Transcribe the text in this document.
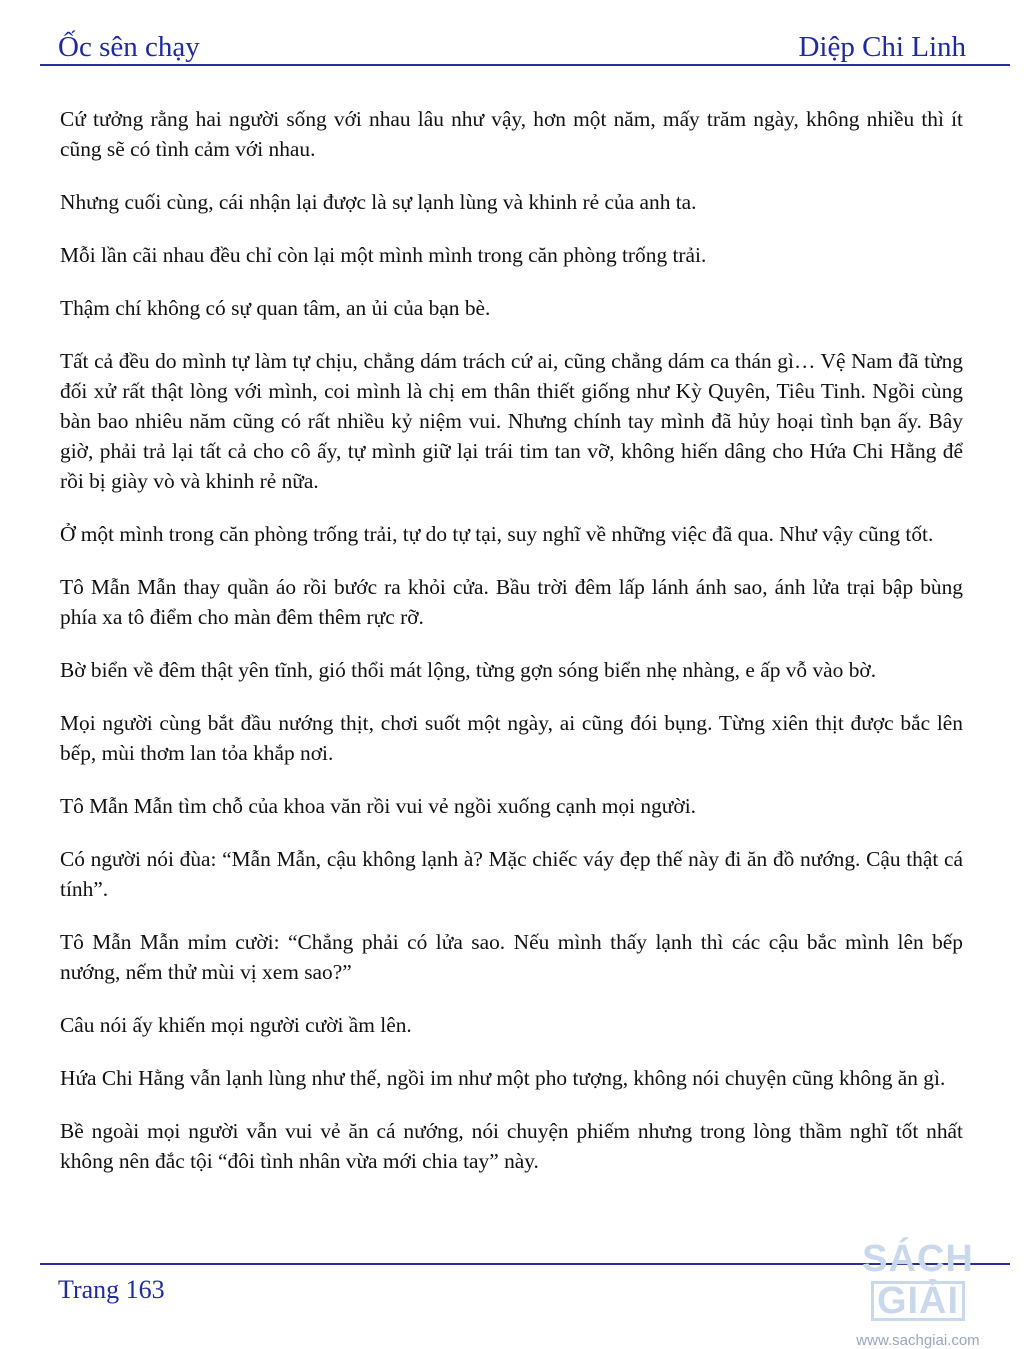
Ốc sên chạy	Diệp Chi Linh

Cứ tưởng rằng hai người sống với nhau lâu như vậy, hơn một năm, mấy trăm ngày, không nhiều thì ít cũng sẽ có tình cảm với nhau.

Nhưng cuối cùng, cái nhận lại được là sự lạnh lùng và khinh rẻ của anh ta.

Mỗi lần cãi nhau đều chỉ còn lại một mình mình trong căn phòng trống trải.

Thậm chí không có sự quan tâm, an ủi của bạn bè.

Tất cả đều do mình tự làm tự chịu, chẳng dám trách cứ ai, cũng chẳng dám ca thán gì… Vệ Nam đã từng đối xử rất thật lòng với mình, coi mình là chị em thân thiết giống như Kỳ Quyên, Tiêu Tinh. Ngồi cùng bàn bao nhiêu năm cũng có rất nhiều kỷ niệm vui. Nhưng chính tay mình đã hủy hoại tình bạn ấy. Bây giờ, phải trả lại tất cả cho cô ấy, tự mình giữ lại trái tim tan vỡ, không hiến dâng cho Hứa Chi Hằng để rồi bị giày vò và khinh rẻ nữa.

Ở một mình trong căn phòng trống trải, tự do tự tại, suy nghĩ về những việc đã qua. Như vậy cũng tốt.

Tô Mẫn Mẫn thay quần áo rồi bước ra khỏi cửa. Bầu trời đêm lấp lánh ánh sao, ánh lửa trại bập bùng phía xa tô điểm cho màn đêm thêm rực rỡ.

Bờ biển về đêm thật yên tĩnh, gió thổi mát lộng, từng gợn sóng biển nhẹ nhàng, e ấp vỗ vào bờ.

Mọi người cùng bắt đầu nướng thịt, chơi suốt một ngày, ai cũng đói bụng. Từng xiên thịt được bắc lên bếp, mùi thơm lan tỏa khắp nơi.

Tô Mẫn Mẫn tìm chỗ của khoa văn rồi vui vẻ ngồi xuống cạnh mọi người.

Có người nói đùa: “Mẫn Mẫn, cậu không lạnh à? Mặc chiếc váy đẹp thế này đi ăn đồ nướng. Cậu thật cá tính”.

Tô Mẫn Mẫn mỉm cười: “Chẳng phải có lửa sao. Nếu mình thấy lạnh thì các cậu bắc mình lên bếp nướng, nếm thử mùi vị xem sao?”

Câu nói ấy khiến mọi người cười ầm lên.

Hứa Chi Hằng vẫn lạnh lùng như thế, ngồi im như một pho tượng, không nói chuyện cũng không ăn gì.

Bề ngoài mọi người vẫn vui vẻ ăn cá nướng, nói chuyện phiếm nhưng trong lòng thầm nghĩ tốt nhất không nên đắc tội “đôi tình nhân vừa mới chia tay” này.

Trang 163
SÁCHGIẢI
www.sachgiai.com
